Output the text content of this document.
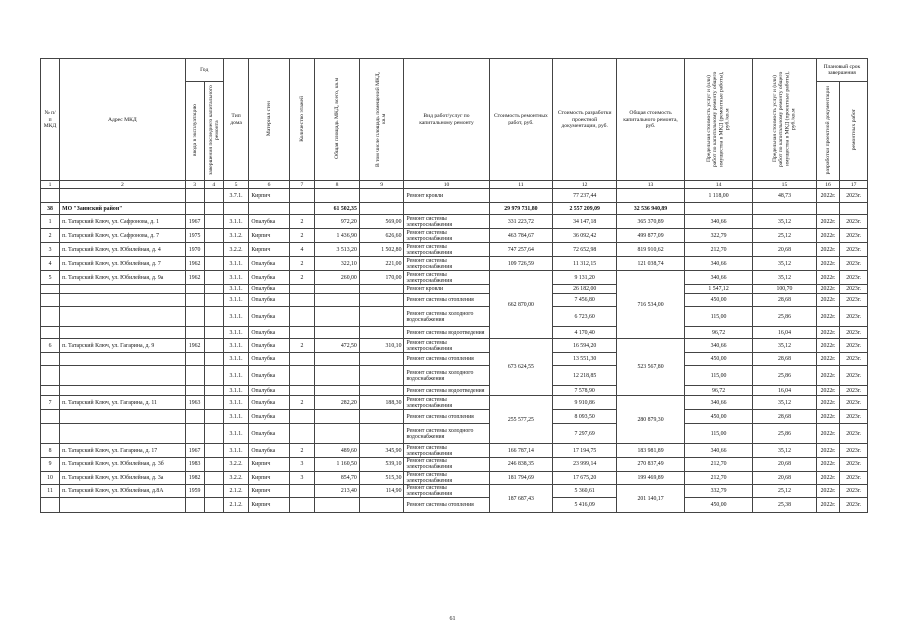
№ п/п МКД	Адрес МКД	Год		Тип дома	Материал стен	Количество этажей	Общая площадь МКД, всего, кв.м	В том числе площадь помещений МКД, кв.м	Вид работ/услуг по капитальному ремонту	Стоимость ремонтных работ, руб.	Стоимость разработки проектной документации, руб.	Общая стоимость капитального ремонта, руб.	Предельная стоимость услуг и (или) работ по капитальному ремонту общего имущества в МКД (ремонтные работы), руб./кв.м	Предельная стоимость услуг и (или) работ по капитальному ремонту общего имущества в МКД (проектные работы), руб./кв.м	Плановый срок завершения	
		ввода в эксплуатацию	завершения последнего капитального ремонта												разработки проектной документации	ремонтных работ
1	2	3	4	5	6	7	8	9	10	11	12	13	14	15	16	17
				3.7.1.	Кирпич				Ремонт кровли		77 237,44		1 118,00	48,73	2022г.	2023г.
38	МО "Заинский район"						61 502,35			29 979 731,80	2 557 209,09	32 536 940,89				
1	п. Татарский Ключ, ул. Сафронова, д. 1	1967		3.1.1.	Опалубка	2	972,20	569,00	Ремонт системы электроснабжения	331 223,72	34 147,18	365 370,89	340,66	35,12	2022г.	2023г.
2	п. Татарский Ключ, ул. Сафронова, д. 7	1975		3.1.2.	Кирпич	2	1 436,90	626,60	Ремонт системы электроснабжения	463 784,67	36 092,42	499 877,09	322,79	25,12	2022г.	2023г.
3	п. Татарский Ключ, ул. Юбилейная, д. 4	1970		3.2.2.	Кирпич	4	3 513,20	1 502,80	Ремонт системы электроснабжения	747 257,64	72 652,98	819 910,62	212,70	20,68	2022г.	2023г.
4	п. Татарский Ключ, ул. Юбилейная, д. 7	1962		3.1.1.	Опалубка	2	322,10	221,00	Ремонт системы электроснабжения	109 726,59	11 312,15	121 038,74	340,66	35,12	2022г.	2023г.
5	п. Татарский Ключ, ул. Юбилейная, д. 9а	1962		3.1.1.	Опалубка	2	260,00	170,00	Ремонт системы электроснабжения	662 870,00	9 131,20	716 534,00	340,66	35,12	2022г.	2023г.
				3.1.1.	Опалубка				Ремонт кровли		26 182,00		1 547,12	100,70	2022г.	2023г.
				3.1.1.	Опалубка				Ремонт системы отопления		7 456,80		450,00	28,68	2022г.	2023г.
				3.1.1.	Опалубка				Ремонт системы холодного водоснабжения		6 723,60		115,00	25,86	2022г.	2023г.
				3.1.1.	Опалубка				Ремонт системы водоотведения		4 170,40		96,72	16,04	2022г.	2023г.
6	п. Татарский Ключ, ул. Гагарина, д. 9	1962		3.1.1.	Опалубка	2	472,50	310,10	Ремонт системы электроснабжения	673 624,55	16 594,20	523 567,80	340,66	35,12	2022г.	2023г.
				3.1.1.	Опалубка				Ремонт системы отопления		13 551,30		450,00	28,68	2022г.	2023г.
				3.1.1.	Опалубка				Ремонт системы холодного водоснабжения		12 218,85		115,00	25,86	2022г.	2023г.
				3.1.1.	Опалубка				Ремонт системы водоотведения		7 578,90		96,72	16,04	2022г.	2023г.
7	п. Татарский Ключ, ул. Гагарина, д. 11	1963		3.1.1.	Опалубка	2	282,20	188,30	Ремонт системы электроснабжения	255 577,25	9 910,86	280 879,30	340,66	35,12	2022г.	2023г.
				3.1.1.	Опалубка				Ремонт системы отопления		8 093,50		450,00	28,68	2022г.	2023г.
				3.1.1.	Опалубка				Ремонт системы холодного водоснабжения		7 297,69		115,00	25,86	2022г.	2023г.
8	п. Татарский Ключ, ул. Гагарина, д. 17	1967		3.1.1.	Опалубка	2	489,60	345,90	Ремонт системы электроснабжения	166 787,14	17 194,75	183 981,89	340,66	35,12	2022г.	2023г.
9	п. Татарский Ключ, ул. Юбилейная, д. 3б	1983		3.2.2.	Кирпич	3	1 160,50	539,10	Ремонт системы электроснабжения	246 838,35	23 999,14	270 837,49	212,70	20,68	2022г.	2023г.
10	п. Татарский Ключ, ул. Юбилейная, д. 3а	1982		3.2.2.	Кирпич	3	854,70	515,30	Ремонт системы электроснабжения	181 794,69	17 675,20	199 469,89	212,70	20,68	2022г.	2023г.
11	п. Татарский Ключ, ул. Юбилейная, д.8А	1959		2.1.2.	Кирпич		213,40	114,90	Ремонт системы электроснабжения	187 687,43	5 360,61	201 140,17	332,79	25,12	2022г.	2023г.
				2.1.2.	Кирпич				Ремонт системы отопления		5 416,09		450,00	25,38	2022г.	2023г.
61
